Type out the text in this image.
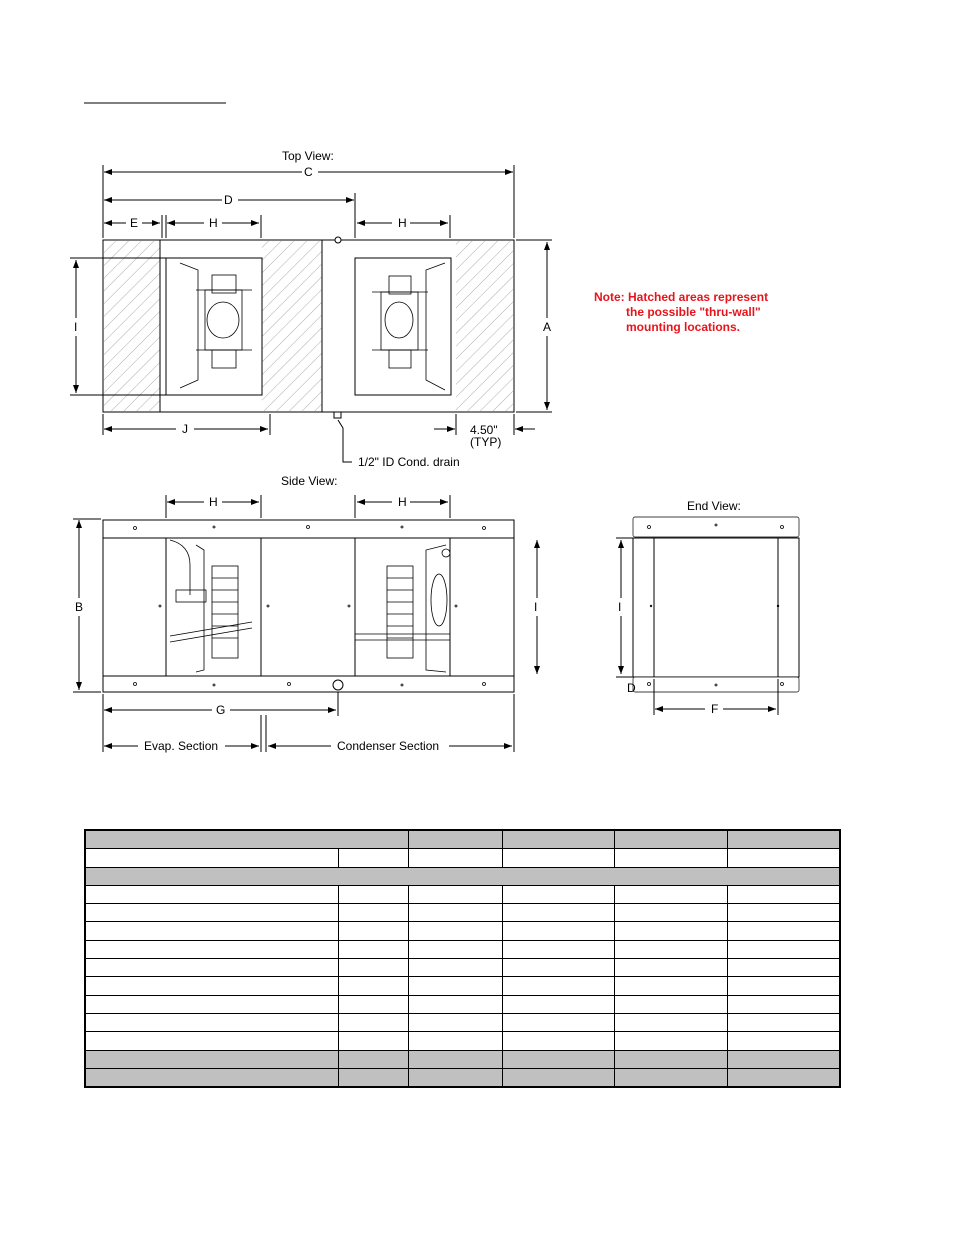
Top View:
C
D
E	H	H
A
I
J	4.50"
(TYP)
1/2" ID Cond. drain
Side View:
H	H
B	I
G
Evap. Section	Condenser Section
End View:
I
D
F
Note: Hatched areas represent
the possible "thru-wall"
mounting locations.
